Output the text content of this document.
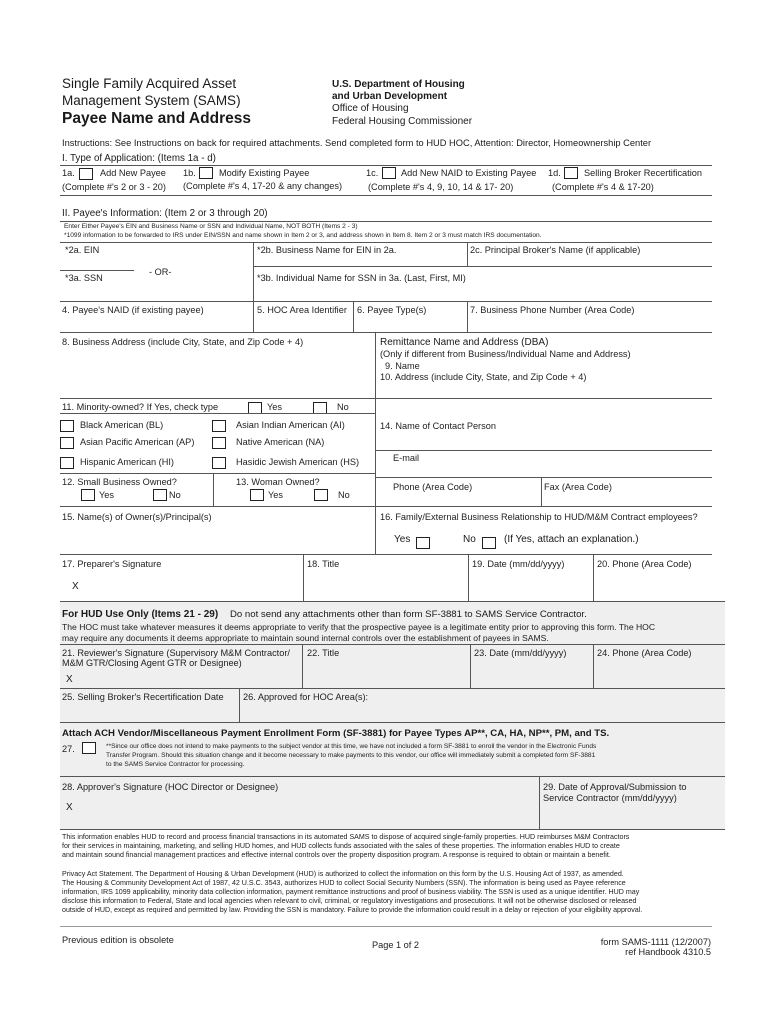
Single Family Acquired Asset
Management System (SAMS)
Payee Name and Address
U.S. Department of Housing
and Urban Development
Office of Housing
Federal Housing Commissioner
Instructions: See Instructions on back for required attachments. Send completed form to HUD HOC, Attention: Director, Homeownership Center
I. Type of Application: (Items 1a - d)
1a.	Add New Payee
(Complete #'s 2 or 3 - 20)
1b.	Modify Existing Payee
(Complete #'s 4, 17-20 & any changes)
1c. Add New NAID to Existing Payee
(Complete #'s 4, 9, 10, 14 & 17- 20)
1d.	Selling Broker Recertification
(Complete #'s 4 & 17-20)
II. Payee's Information: (Item 2 or 3 through 20)
Enter Either Payee's EIN and Business Name or SSN and Individual Name, NOT BOTH (Items 2 - 3)
*1099 information to be forwarded to IRS under EIN/SSN and name shown in Item 2 or 3, and address shown in Item 8. Item 2 or 3 must match IRS documentation.
*2a. EIN	*2b. Business Name for EIN in 2a.	2c. Principal Broker's Name (if applicable)
- OR-
*3a. SSN	*3b. Individual Name for SSN in 3a. (Last, First, MI)
4. Payee's NAID (if existing payee)	5. HOC Area Identifier 6. Payee Type(s)	7. Business Phone Number (Area Code)
8. Business Address (include City, State, and Zip Code + 4)	Remittance Name and Address (DBA)
(Only if different from Business/Individual Name and Address)
9. Name
10. Address (include City, State, and Zip Code + 4)
11. Minority-owned? If Yes, check type	Yes	No
Black American (BL)	Asian Indian American (AI)
Asian Pacific American (AP)	Native American (NA)
Hispanic American (HI)	Hasidic Jewish American (HS)
14. Name of Contact Person
E-mail
12. Small Business Owned?
Yes	No
13. Woman Owned?
Yes	No
Phone (Area Code)	Fax (Area Code)
15. Name(s) of Owner(s)/Principal(s)	16. Family/External Business Relationship to HUD/M&M Contract employees?
Yes	No	(If Yes, attach an explanation.)
17. Preparer's Signature
X
18. Title	19. Date (mm/dd/yyyy)	20. Phone (Area Code)
For HUD Use Only (Items 21 - 29) Do not send any attachments other than form SF-3881 to SAMS Service Contractor.
The HOC must take whatever measures it deems appropriate to verify that the prospective payee is a legitimate entity prior to approving this form. The HOC
may require any documents it deems appropriate to maintain sound internal controls over the establishment of payees in SAMS.
21. Reviewer's Signature (Supervisory M&M Contractor/
M&M GTR/Closing Agent GTR or Designee)
X
22. Title	23. Date (mm/dd/yyyy)	24. Phone (Area Code)
25. Selling Broker's Recertification Date 26. Approved for HOC Area(s):
Attach ACH Vendor/Miscellaneous Payment Enrollment Form (SF-3881) for Payee Types AP**, CA, HA, NP**, PM, and TS.
27.	**Since our office does not intend to make payments to the subject vendor at this time, we have not included a form SF-3881 to enroll the vendor in the Electronic Funds
Transfer Program. Should this situation change and it become necessary to make payments to this vendor, our office will immediately submit a completed form SF-3881
to the SAMS Service Contractor for processing.
28. Approver's Signature (HOC Director or Designee)
X
29. Date of Approval/Submission to
Service Contractor (mm/dd/yyyy)
This information enables HUD to record and process financial transactions in its automated SAMS to dispose of acquired single-family properties. HUD reimburses M&M Contractors
for their services in maintaining, marketing, and selling HUD homes, and HUD collects funds associated with the sales of these properties. The information enables HUD to create
and maintain sound financial management practices and effective internal controls over the property disposition program. A response is required to obtain or maintain a benefit.
Privacy Act Statement. The Department of Housing & Urban Development (HUD) is authorized to collect the information on this form by the U.S. Housing Act of 1937, as amended.
The Housing & Community Development Act of 1987, 42 U.S.C. 3543, authorizes HUD to collect Social Security Numbers (SSN). The information is being used as Payee reference
information, IRS 1099 applicability, minority data collection information, payment remittance instructions and proof of business viability. The SSN is used as a unique identifier. HUD may
disclose this information to Federal, State and local agencies when relevant to civil, criminal, or regulatory investigations and prosecutions. It will not be otherwise disclosed or released
outside of HUD, except as required and permitted by law. Providing the SSN is mandatory. Failure to provide the information could result in a delay or rejection of your eligibility approval.
Previous edition is obsolete	Page 1 of 2	form SAMS-1111 (12/2007)
ref Handbook 4310.5
